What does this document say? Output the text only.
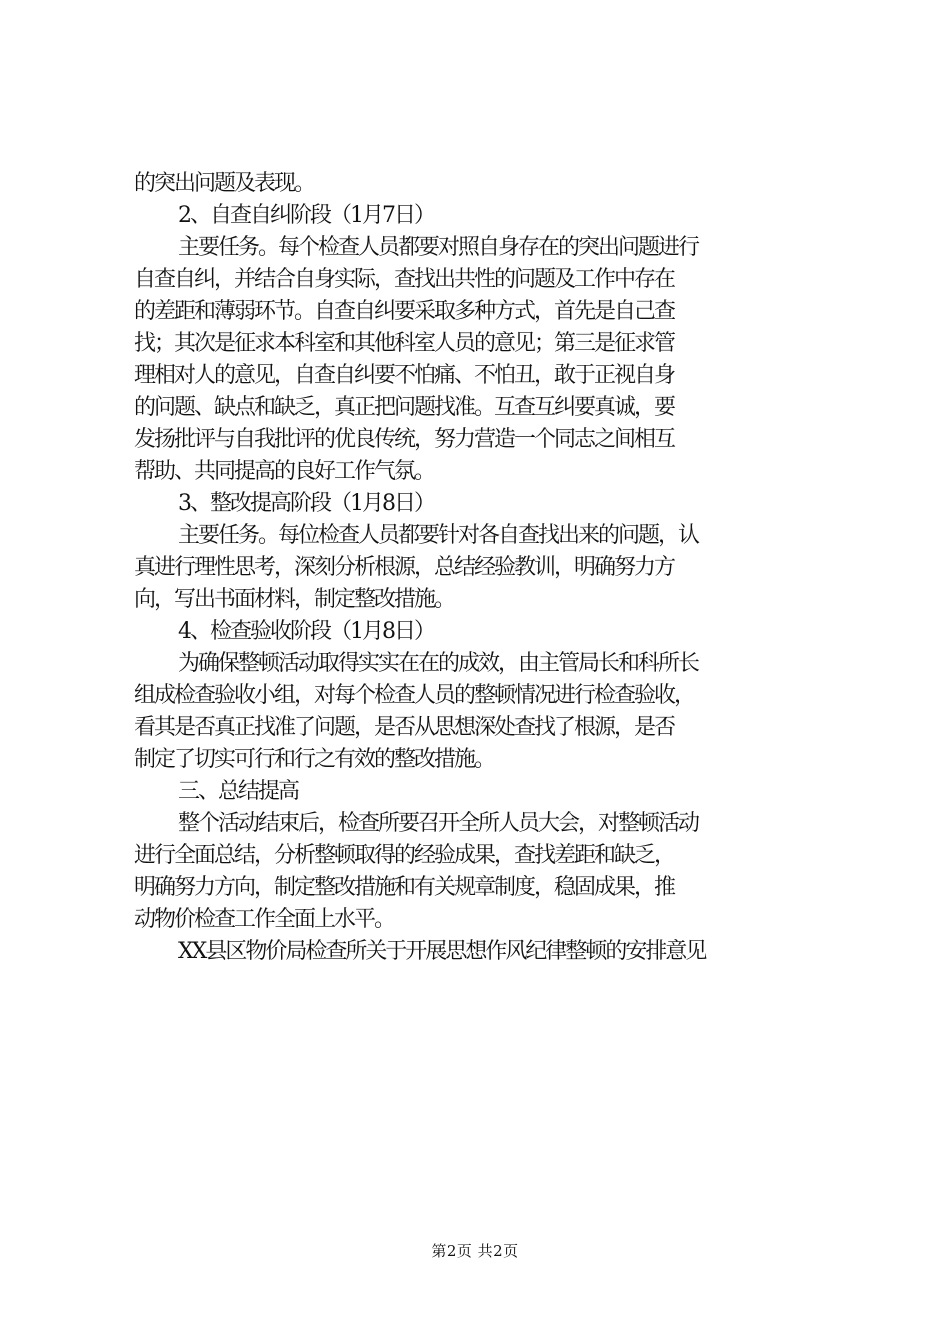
的突出问题及表现。
2、自查自纠阶段（1月7日）
主要任务。每个检查人员都要对照自身存在的突出问题进行
自查自纠，并结合自身实际，查找出共性的问题及工作中存在
的差距和薄弱环节。自查自纠要采取多种方式，首先是自己查
找；其次是征求本科室和其他科室人员的意见；第三是征求管
理相对人的意见，自查自纠要不怕痛、不怕丑，敢于正视自身
的问题、缺点和缺乏，真正把问题找准。互查互纠要真诚，要
发扬批评与自我批评的优良传统，努力营造一个同志之间相互
帮助、共同提高的良好工作气氛。
3、整改提高阶段（1月8日）
主要任务。每位检查人员都要针对各自查找出来的问题，认
真进行理性思考，深刻分析根源，总结经验教训，明确努力方
向，写出书面材料，制定整改措施。
4、检查验收阶段（1月8日）
为确保整顿活动取得实实在在的成效，由主管局长和科所长
组成检查验收小组，对每个检查人员的整顿情况进行检查验收，
看其是否真正找准了问题，是否从思想深处查找了根源，是否
制定了切实可行和行之有效的整改措施。
三、总结提高
整个活动结束后，检查所要召开全所人员大会，对整顿活动
进行全面总结，分析整顿取得的经验成果，查找差距和缺乏，
明确努力方向，制定整改措施和有关规章制度，稳固成果，推
动物价检查工作全面上水平。
XX县区物价局检查所关于开展思想作风纪律整顿的安排意见
第2页 共2页
